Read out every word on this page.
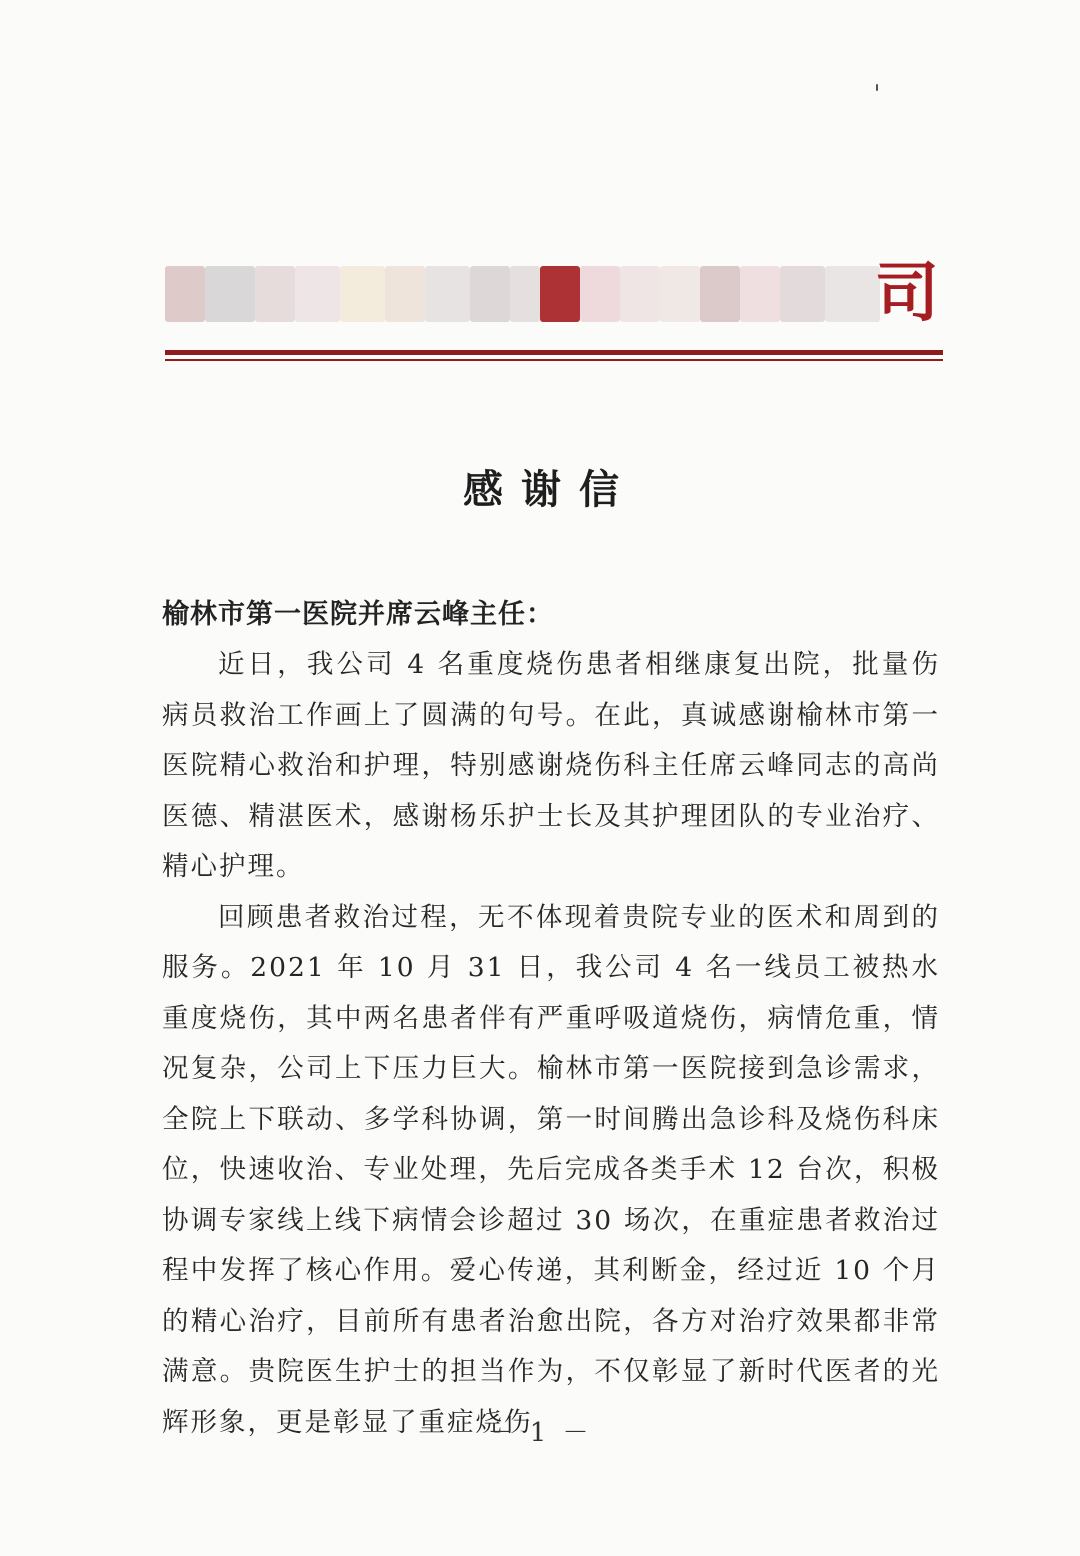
司
感谢信
榆林市第一医院并席云峰主任：

近日，我公司 4 名重度烧伤患者相继康复出院，批量伤病员救治工作画上了圆满的句号。在此，真诚感谢榆林市第一医院精心救治和护理，特别感谢烧伤科主任席云峰同志的高尚医德、精湛医术，感谢杨乐护士长及其护理团队的专业治疗、精心护理。

回顾患者救治过程，无不体现着贵院专业的医术和周到的服务。2021 年 10 月 31 日，我公司 4 名一线员工被热水重度烧伤，其中两名患者伴有严重呼吸道烧伤，病情危重，情况复杂，公司上下压力巨大。榆林市第一医院接到急诊需求，全院上下联动、多学科协调，第一时间腾出急诊科及烧伤科床位，快速收治、专业处理，先后完成各类手术 12 台次，积极协调专家线上线下病情会诊超过 30 场次，在重症患者救治过程中发挥了核心作用。爱心传递，其利断金，经过近 10 个月的精心治疗，目前所有患者治愈出院，各方对治疗效果都非常满意。贵院医生护士的担当作为，不仅彰显了新时代医者的光辉形象，更是彰显了重症烧伤

－ 1 －
